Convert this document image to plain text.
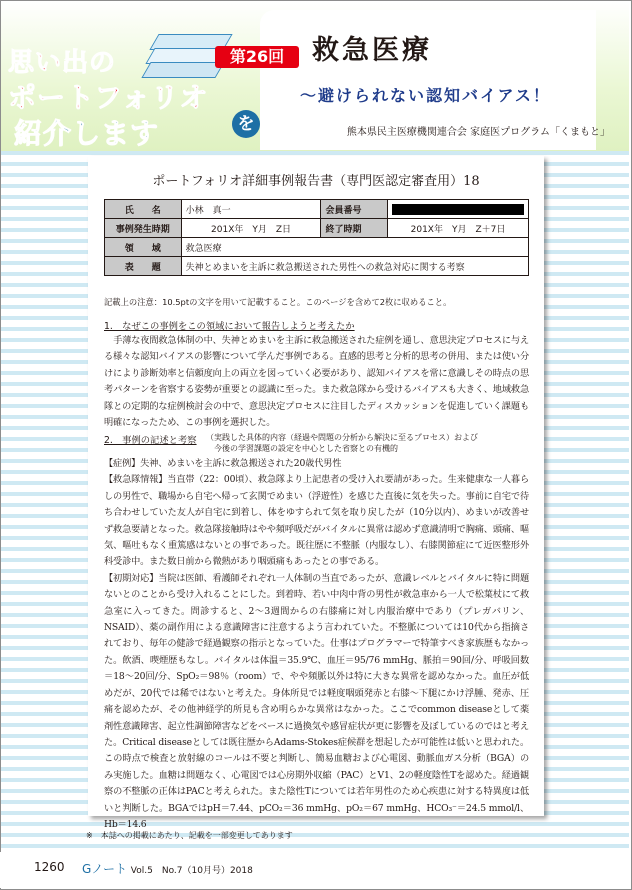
思い出の
ポートフォリオ
を
紹介します
第26回	救急医療
〜避けられない認知バイアス！
熊本県民主医療機関連合会 家庭医プログラム「くまもと」
ポートフォリオ詳細事例報告書（専門医認定審査用）18
氏　　名	小林　真一	会員番号	
事例発生時期	201X年　Y月　Z日	終了時期	201X年　Y月　Z＋7日
領　　域	救急医療		
表　　題	失神とめまいを主訴に救急搬送された男性への救急対応に関する考察		
記載上の注意：10.5ptの文字を用いて記載すること。このページを含めて2枚に収めること。
1.　なぜこの事例をこの領域において報告しようと考えたか

手薄な夜間救急体制の中、失神とめまいを主訴に救急搬送された症例を通し、意思決定プロセスに与える様々な認知バイアスの影響について学んだ事例である。直感的思考と分析的思考の併用、または使い分けにより診断効率と信頼度向上の両立を図っていく必要があり、認知バイアスを常に意識しその時点の思考パターンを省察する姿勢が重要との認識に至った。また救急隊から受けるバイアスも大きく、地域救急隊との定期的な症例検討会の中で、意思決定プロセスに注目したディスカッションを促進していく課題も明確になったため、この事例を選択した。

2.　事例の記述と考察 （実践した具体的内容（経過や問題の分析から解決に至るプロセス）および
今後の学習課題の設定を中心とした省察との有機的

【症例】失神、めまいを主訴に救急搬送された20歳代男性

【救急隊情報】当直帯（22：00頃）、救急隊より上記患者の受け入れ要請があった。生来健康な一人暮らしの男性で、職場から自宅へ帰って玄関でめまい（浮遊性）を感じた直後に気を失った。事前に自宅で待ち合わせしていた友人が自宅に到着し、体をゆすられて気を取り戻したが（10分以内）、めまいが改善せず救急要請となった。救急隊接触時はやや頻呼吸だがバイタルに異常は認めず意識清明で胸痛、頭痛、嘔気、嘔吐もなく重篤感はないとの事であった。既往歴に不整脈（内服なし）、右膝関節症にて近医整形外科受診中。また数日前から微熱があり咽頭痛もあったとの事である。

【初期対応】当院は医師、看護師それぞれ一人体制の当直であったが、意識レベルとバイタルに特に問題ないとのことから受け入れることにした。到着時、若い中肉中背の男性が救急車から一人で松葉杖にて救急室に入ってきた。問診すると、2〜3週間からの右膝痛に対し内服治療中であり（プレガバリン、NSAID）、薬の副作用による意識障害に注意するよう言われていた。不整脈については10代から指摘されており、毎年の健診で経過観察の指示となっていた。仕事はプログラマーで特筆すべき家族歴もなかった。飲酒、喫煙歴もなし。バイタルは体温＝35.9℃、血圧＝95/76 mmHg、脈拍＝90回/分、呼吸回数＝18〜20回/分、SpO₂＝98％（room）で、やや頻脈以外は特に大きな異常を認めなかった。血圧が低めだが、20代では稀ではないと考えた。身体所見では軽度咽頭発赤と右膝〜下腿にかけ浮腫、発赤、圧痛を認めたが、その他神経学的所見も含め明らかな異常はなかった。ここでcommon diseaseとして薬剤性意識障害、起立性調節障害などをベースに過換気や感冒症状が更に影響を及ぼしているのではと考えた。Critical diseaseとしては既往歴からAdams-Stokes症候群を想起したが可能性は低いと思われた。この時点で検査と放射線のコールは不要と判断し、簡易血糖および心電図、動脈血ガス分析（BGA）のみ実施した。血糖は問題なく、心電図では心房期外収縮（PAC）とV1、2の軽度陰性Tを認めた。経過観察の不整脈の正体はPACと考えられた。また陰性Tについては若年男性のため心疾患に対する特異度は低いと判断した。BGAではpH＝7.44、pCO₂＝36 mmHg、pO₂＝67 mmHg、HCO₃⁻＝24.5 mmol/l、Hb＝14.6

※　本誌への掲載にあたり、記載を一部変更してあります
1260 Gノート Vol.5　No.7（10月号）2018
